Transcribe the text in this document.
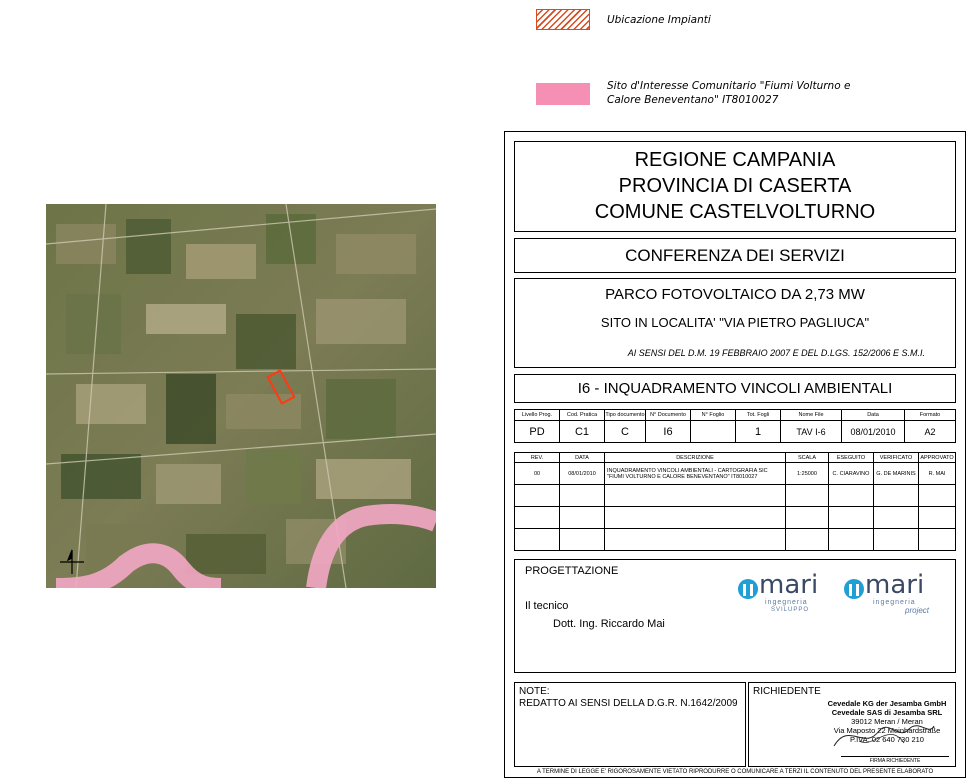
Ubicazione Impianti
Sito d'Interesse Comunitario "Fiumi Volturno e
Calore Beneventano" IT8010027
REGIONE CAMPANIA
PROVINCIA DI CASERTA
COMUNE CASTELVOLTURNO
CONFERENZA DEI SERVIZI
PARCO FOTOVOLTAICO DA 2,73 MW
SITO IN LOCALITA' "VIA PIETRO PAGLIUCA"
AI SENSI DEL D.M. 19 FEBBRAIO 2007 E DEL D.LGS. 152/2006 E S.M.I.
I6 - INQUADRAMENTO VINCOLI AMBIENTALI
Livello Prog.	Cod. Pratica	Tipo documento	N° Documento	N° Foglio	Tot. Fogli	Nome File	Data	Formato
PD	C1	C	I6		1	TAV I-6	08/01/2010	A2
REV.	DATA	DESCRIZIONE	SCALA	ESEGUITO	VERIFICATO	APPROVATO
00	08/01/2010	INQUADRAMENTO VINCOLI AMBIENTALI - CARTOGRAFIA SIC "FIUMI VOLTURNO E CALORE BENEVENTANO" IT8010027	1:25000	C. CIARAVINO	G. DE MARINIS	R. MAI

PROGETTAZIONE
Il tecnico
Dott. Ing. Riccardo Mai
mari
ingegneria
SVILUPPO
mari
ingegneria
project
NOTE:
REDATTO AI SENSI DELLA D.G.R. N.1642/2009
RICHIEDENTE
Cevedale KG der Jesamba GmbH
Cevedale SAS di Jesamba SRL
39012 Meran / Meran
Via Maposto 22 Meinhardstraße
P.IVA: 02 640 730 210
FIRMA RICHIEDENTE
A TERMINE DI LEGGE E' RIGOROSAMENTE VIETATO RIPRODURRE O COMUNICARE A TERZI IL CONTENUTO DEL PRESENTE ELABORATO
